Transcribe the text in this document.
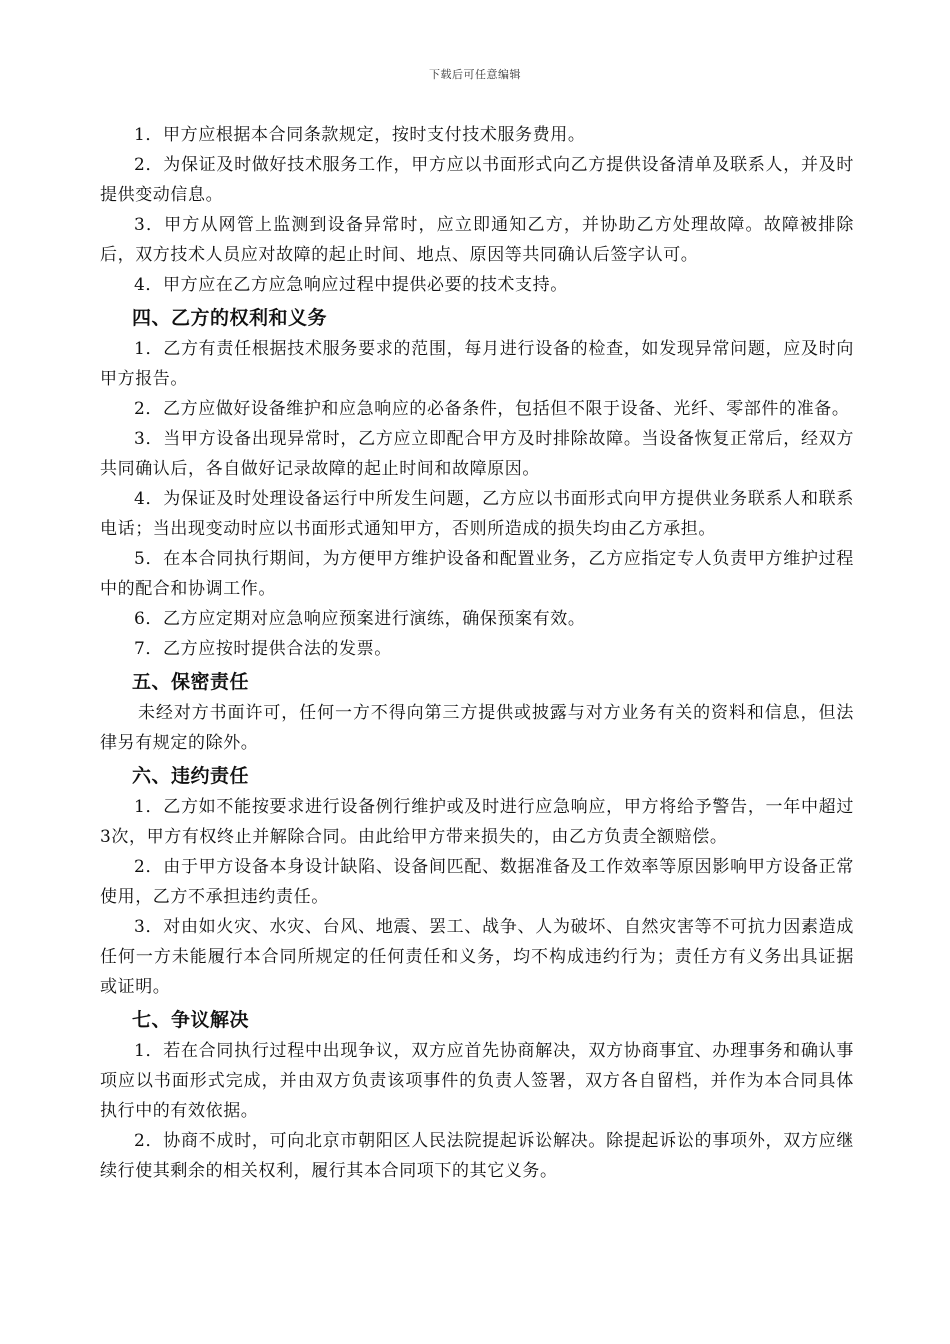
下载后可任意编辑

1．甲方应根据本合同条款规定，按时支付技术服务费用。

2．为保证及时做好技术服务工作，甲方应以书面形式向乙方提供设备清单及联系人，并及时提供变动信息。

3．甲方从网管上监测到设备异常时，应立即通知乙方，并协助乙方处理故障。故障被排除后，双方技术人员应对故障的起止时间、地点、原因等共同确认后签字认可。

4．甲方应在乙方应急响应过程中提供必要的技术支持。

四、乙方的权利和义务

1．乙方有责任根据技术服务要求的范围，每月进行设备的检查，如发现异常问题，应及时向甲方报告。

2．乙方应做好设备维护和应急响应的必备条件，包括但不限于设备、光纤、零部件的准备。

3．当甲方设备出现异常时，乙方应立即配合甲方及时排除故障。当设备恢复正常后，经双方共同确认后，各自做好记录故障的起止时间和故障原因。

4．为保证及时处理设备运行中所发生问题，乙方应以书面形式向甲方提供业务联系人和联系电话；当出现变动时应以书面形式通知甲方，否则所造成的损失均由乙方承担。

5．在本合同执行期间，为方便甲方维护设备和配置业务，乙方应指定专人负责甲方维护过程中的配合和协调工作。

6．乙方应定期对应急响应预案进行演练，确保预案有效。

7．乙方应按时提供合法的发票。

五、保密责任

未经对方书面许可，任何一方不得向第三方提供或披露与对方业务有关的资料和信息，但法律另有规定的除外。

六、违约责任

1．乙方如不能按要求进行设备例行维护或及时进行应急响应，甲方将给予警告，一年中超过3次，甲方有权终止并解除合同。由此给甲方带来损失的，由乙方负责全额赔偿。

2．由于甲方设备本身设计缺陷、设备间匹配、数据准备及工作效率等原因影响甲方设备正常使用，乙方不承担违约责任。

3．对由如火灾、水灾、台风、地震、罢工、战争、人为破坏、自然灾害等不可抗力因素造成任何一方未能履行本合同所规定的任何责任和义务，均不构成违约行为；责任方有义务出具证据或证明。

七、争议解决

1．若在合同执行过程中出现争议，双方应首先协商解决，双方协商事宜、办理事务和确认事项应以书面形式完成，并由双方负责该项事件的负责人签署，双方各自留档，并作为本合同具体执行中的有效依据。

2．协商不成时，可向北京市朝阳区人民法院提起诉讼解决。除提起诉讼的事项外，双方应继续行使其剩余的相关权利，履行其本合同项下的其它义务。
